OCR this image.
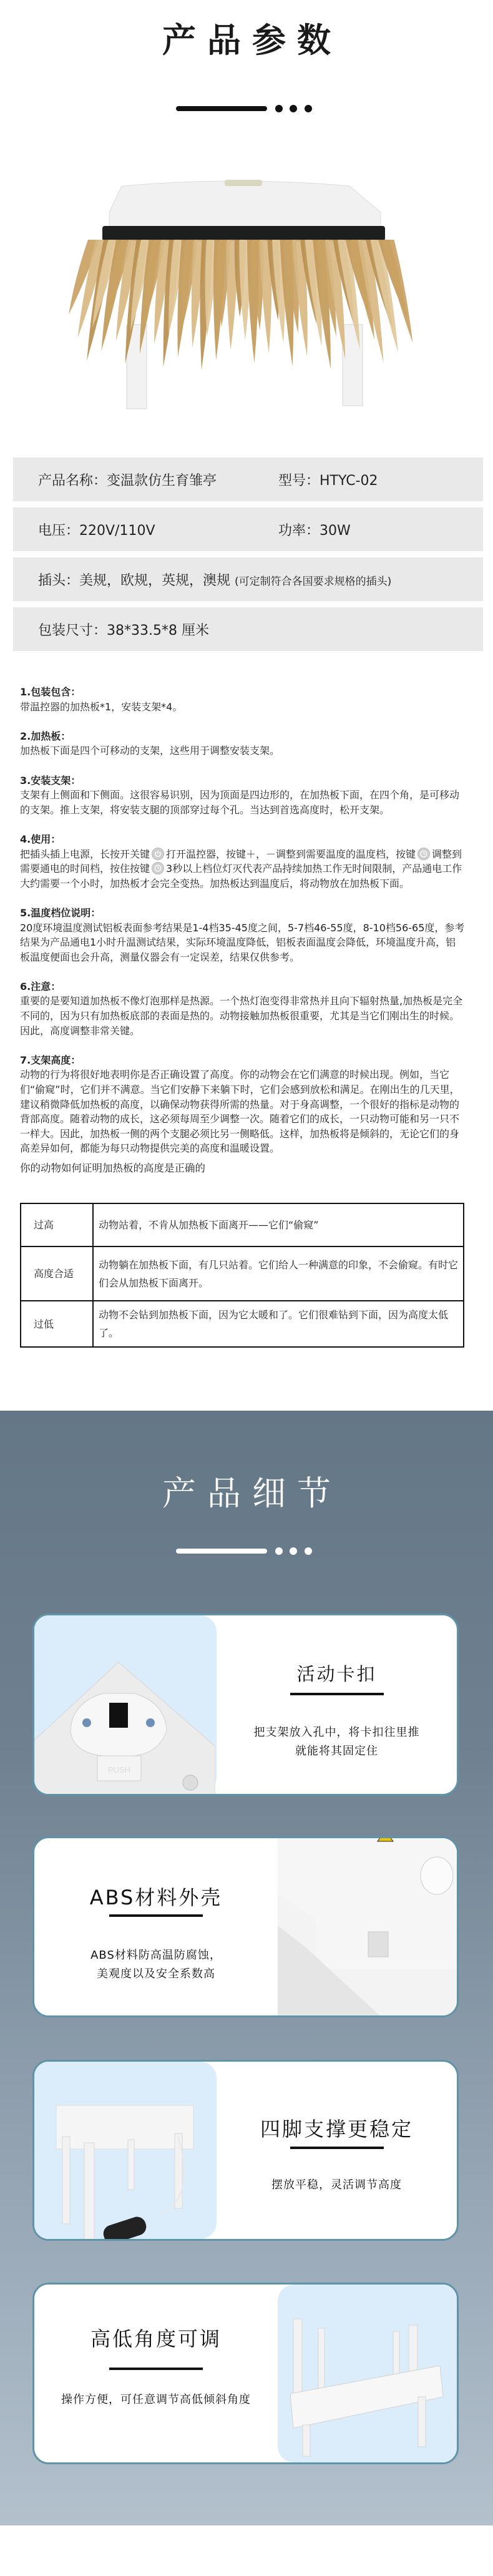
产品参数
产品名称：变温款仿生育雏亭	型号：HTYC-02
电压：220V/110V	功率：30W
插头：美规，欧规，英规，澳规 (可定制符合各国要求规格的插头)
包装尺寸：38*33.5*8 厘米
1.包装包含：

带温控器的加热板*1，安装支架*4。

2.加热板：

加热板下面是四个可移动的支架，这些用于调整安装支架。

3.安装支架：

支架有上侧面和下侧面。这很容易识别，因为顶面是四边形的，在加热板下面，在四个角，是可移动的支架。推上支架，将安装支腿的顶部穿过每个孔。当达到首选高度时，松开支架。

4.使用：

把插头插上电源，长按开关键 打开温控器，按键＋，－调整到需要温度的温度档，按键 调整到需要通电的时间档，按住按键 3秒以上档位灯灭代表产品持续加热工作无时间限制，产品通电工作大约需要一个小时，加热板才会完全变热。加热板达到温度后，将动物放在加热板下面。

5.温度档位说明：

20度环境温度测试铝板表面参考结果是1-4档35-45度之间，5-7档46-55度，8-10档56-65度，参考结果为产品通电1小时升温测试结果，实际环境温度降低，铝板表面温度会降低，环境温度升高，铝板温度便面也会升高，测量仪器会有一定误差，结果仅供参考。

6.注意：

重要的是要知道加热板不像灯泡那样是热源。一个热灯泡变得非常热并且向下辐射热量,加热板是完全不同的，因为只有加热板底部的表面是热的。动物接触加热板很重要，尤其是当它们刚出生的时候。因此，高度调整非常关键。

7.支架高度：

动物的行为将很好地表明你是否正确设置了高度。你的动物会在它们满意的时候出现。例如，当它们“偷窥”时，它们并不满意。当它们安静下来躺下时，它们会感到放松和满足。在刚出生的几天里，建议稍微降低加热板的高度，以确保动物获得所需的热量。对于身高调整，一个很好的指标是动物的背部高度。随着动物的成长，这必须每周至少调整一次。随着它们的成长，一只动物可能和另一只不一样大。因此，加热板一侧的两个支腿必须比另一侧略低。这样，加热板将是倾斜的，无论它们的身高差异如何，都能为每只动物提供完美的高度和温暖设置。

你的动物如何证明加热板的高度是正确的
过高	动物站着，不肯从加热板下面离开——它们“偷窥”
高度合适	动物躺在加热板下面，有几只站着。它们给人一种满意的印象，不会偷窥。有时它们会从加热板下面离开。
过低	动物不会钻到加热板下面，因为它太暖和了。它们很难钻到下面，因为高度太低了。
产品细节
PUSH
活动卡扣
把支架放入孔中，将卡扣往里推
就能将其固定住
ABS材料外壳
ABS材料防高温防腐蚀，
美观度以及安全系数高
四脚支撑更稳定
摆放平稳，灵活调节高度
高低角度可调
操作方便，可任意调节高低倾斜角度
